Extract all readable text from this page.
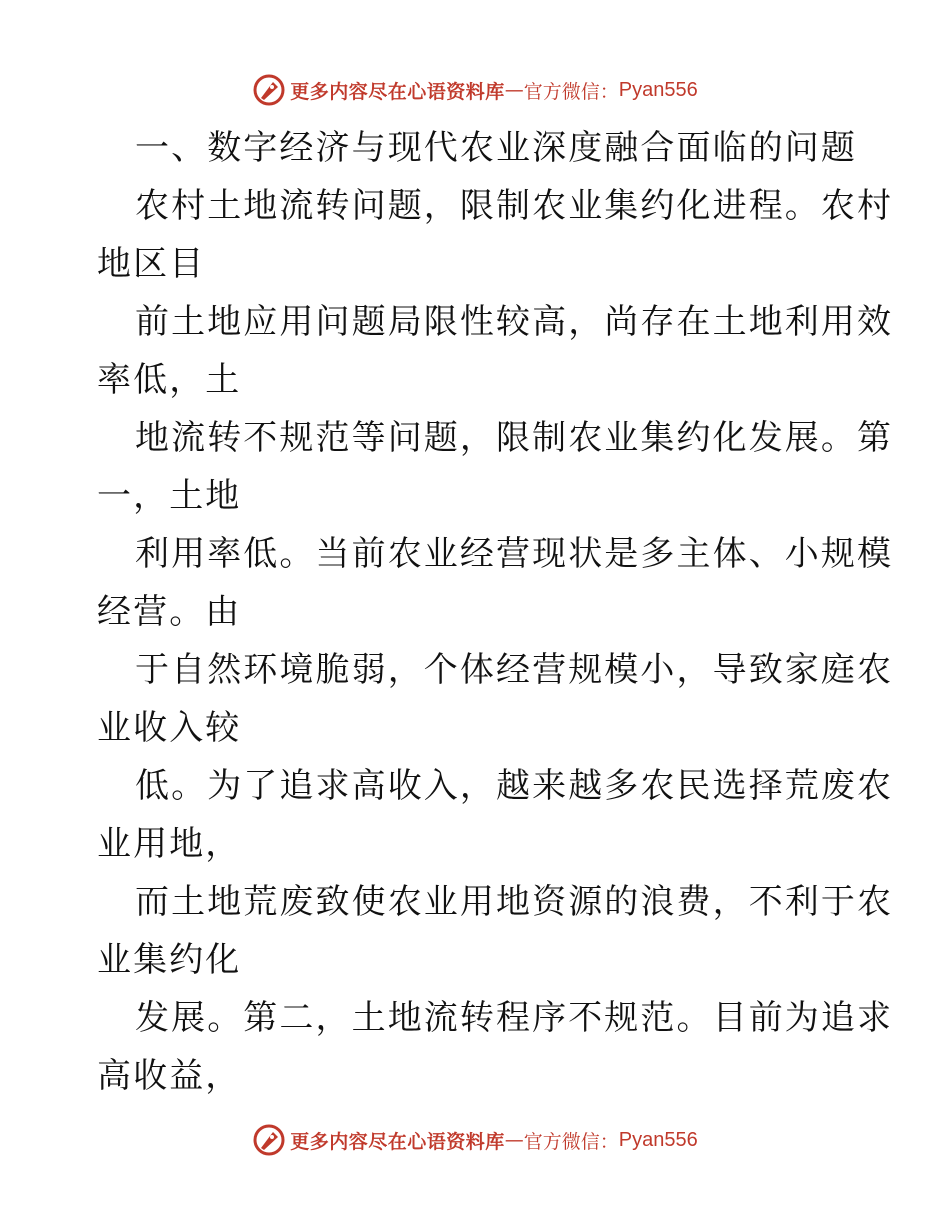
更多内容尽在心语资料库 — 官方微信： Pyan556
一、数字经济与现代农业深度融合面临的问题
农村土地流转问题，限制农业集约化进程。农村
地区目
前土地应用问题局限性较高，尚存在土地利用效
率低，土
地流转不规范等问题，限制农业集约化发展。第
一，土地
利用率低。当前农业经营现状是多主体、小规模
经营。由
于自然环境脆弱，个体经营规模小，导致家庭农
业收入较
低。为了追求高收入，越来越多农民选择荒废农
业用地，
而土地荒废致使农业用地资源的浪费，不利于农
业集约化
发展。第二，土地流转程序不规范。目前为追求
高收益，
更多内容尽在心语资料库 — 官方微信： Pyan556
